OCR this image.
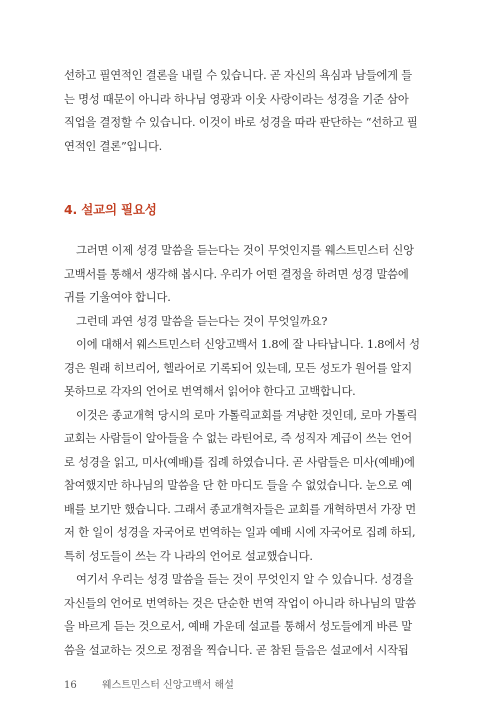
선하고 필연적인 결론을 내릴 수 있습니다. 곧 자신의 욕심과 남들에게 들
는 명성 때문이 아니라 하나님 영광과 이웃 사랑이라는 성경을 기준 삼아
직업을 결정할 수 있습니다. 이것이 바로 성경을 따라 판단하는 “선하고 필
연적인 결론”입니다.
4. 설교의 필요성
그러면 이제 성경 말씀을 듣는다는 것이 무엇인지를 웨스트민스터 신앙
고백서를 통해서 생각해 봅시다. 우리가 어떤 결정을 하려면 성경 말씀에
귀를 기울여야 합니다.
그런데 과연 성경 말씀을 듣는다는 것이 무엇일까요?
이에 대해서 웨스트민스터 신앙고백서 1.8에 잘 나타납니다. 1.8에서 성
경은 원래 히브리어, 헬라어로 기록되어 있는데, 모든 성도가 원어를 알지
못하므로 각자의 언어로 번역해서 읽어야 한다고 고백합니다.
이것은 종교개혁 당시의 로마 가톨릭교회를 겨냥한 것인데, 로마 가톨릭
교회는 사람들이 알아들을 수 없는 라틴어로, 즉 성직자 계급이 쓰는 언어
로 성경을 읽고, 미사(예배)를 집례 하였습니다. 곧 사람들은 미사(예배)에
참여했지만 하나님의 말씀을 단 한 마디도 들을 수 없었습니다. 눈으로 예
배를 보기만 했습니다. 그래서 종교개혁자들은 교회를 개혁하면서 가장 먼
저 한 일이 성경을 자국어로 번역하는 일과 예배 시에 자국어로 집례 하되,
특히 성도들이 쓰는 각 나라의 언어로 설교했습니다.
여기서 우리는 성경 말씀을 듣는 것이 무엇인지 알 수 있습니다. 성경을
자신들의 언어로 번역하는 것은 단순한 번역 작업이 아니라 하나님의 말씀
을 바르게 듣는 것으로서, 예배 가운데 설교를 통해서 성도들에게 바른 말
씀을 설교하는 것으로 정점을 찍습니다. 곧 참된 들음은 설교에서 시작됩
16	웨스트민스터 신앙고백서 해설
